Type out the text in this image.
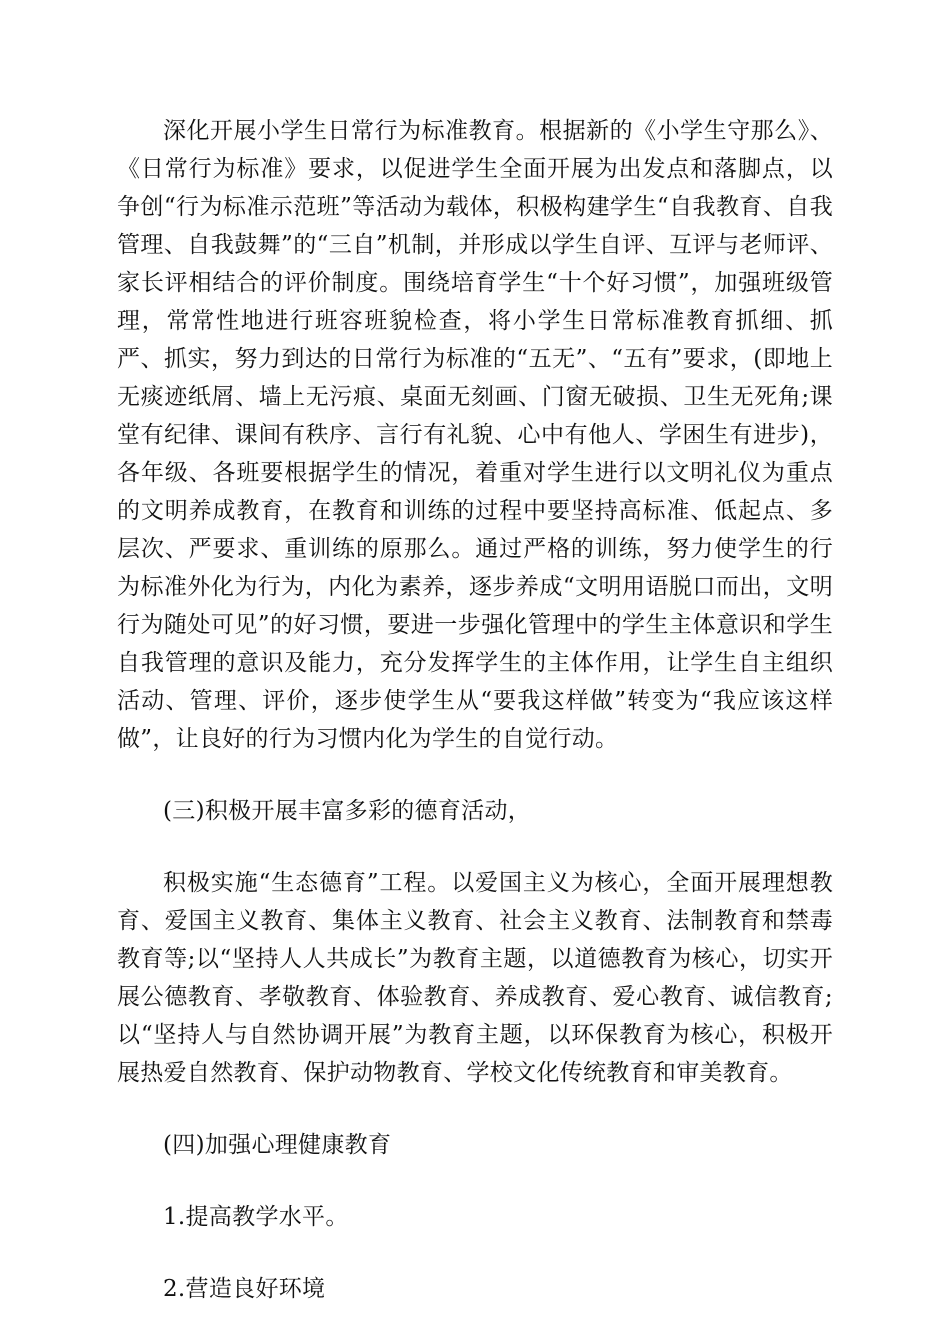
深化开展小学生日常行为标准教育。根据新的《小学生守那么》、《日常行为标准》要求，以促进学生全面开展为出发点和落脚点，以争创“行为标准示范班”等活动为载体，积极构建学生“自我教育、自我管理、自我鼓舞”的“三自”机制，并形成以学生自评、互评与老师评、家长评相结合的评价制度。围绕培育学生“十个好习惯”，加强班级管理，常常性地进行班容班貌检查，将小学生日常标准教育抓细、抓严、抓实，努力到达的日常行为标准的“五无”、“五有”要求，(即地上无痰迹纸屑、墙上无污痕、桌面无刻画、门窗无破损、卫生无死角;课堂有纪律、课间有秩序、言行有礼貌、心中有他人、学困生有进步)，各年级、各班要根据学生的情况，着重对学生进行以文明礼仪为重点的文明养成教育，在教育和训练的过程中要坚持高标准、低起点、多层次、严要求、重训练的原那么。通过严格的训练，努力使学生的行为标准外化为行为，内化为素养，逐步养成“文明用语脱口而出，文明行为随处可见”的好习惯，要进一步强化管理中的学生主体意识和学生自我管理的意识及能力，充分发挥学生的主体作用，让学生自主组织活动、管理、评价，逐步使学生从“要我这样做”转变为“我应该这样做”，让良好的行为习惯内化为学生的自觉行动。

(三)积极开展丰富多彩的德育活动，

积极实施“生态德育”工程。以爱国主义为核心，全面开展理想教育、爱国主义教育、集体主义教育、社会主义教育、法制教育和禁毒教育等;以“坚持人人共成长”为教育主题，以道德教育为核心，切实开展公德教育、孝敬教育、体验教育、养成教育、爱心教育、诚信教育;以“坚持人与自然协调开展”为教育主题，以环保教育为核心，积极开展热爱自然教育、保护动物教育、学校文化传统教育和审美教育。

(四)加强心理健康教育

1.提高教学水平。

2.营造良好环境
